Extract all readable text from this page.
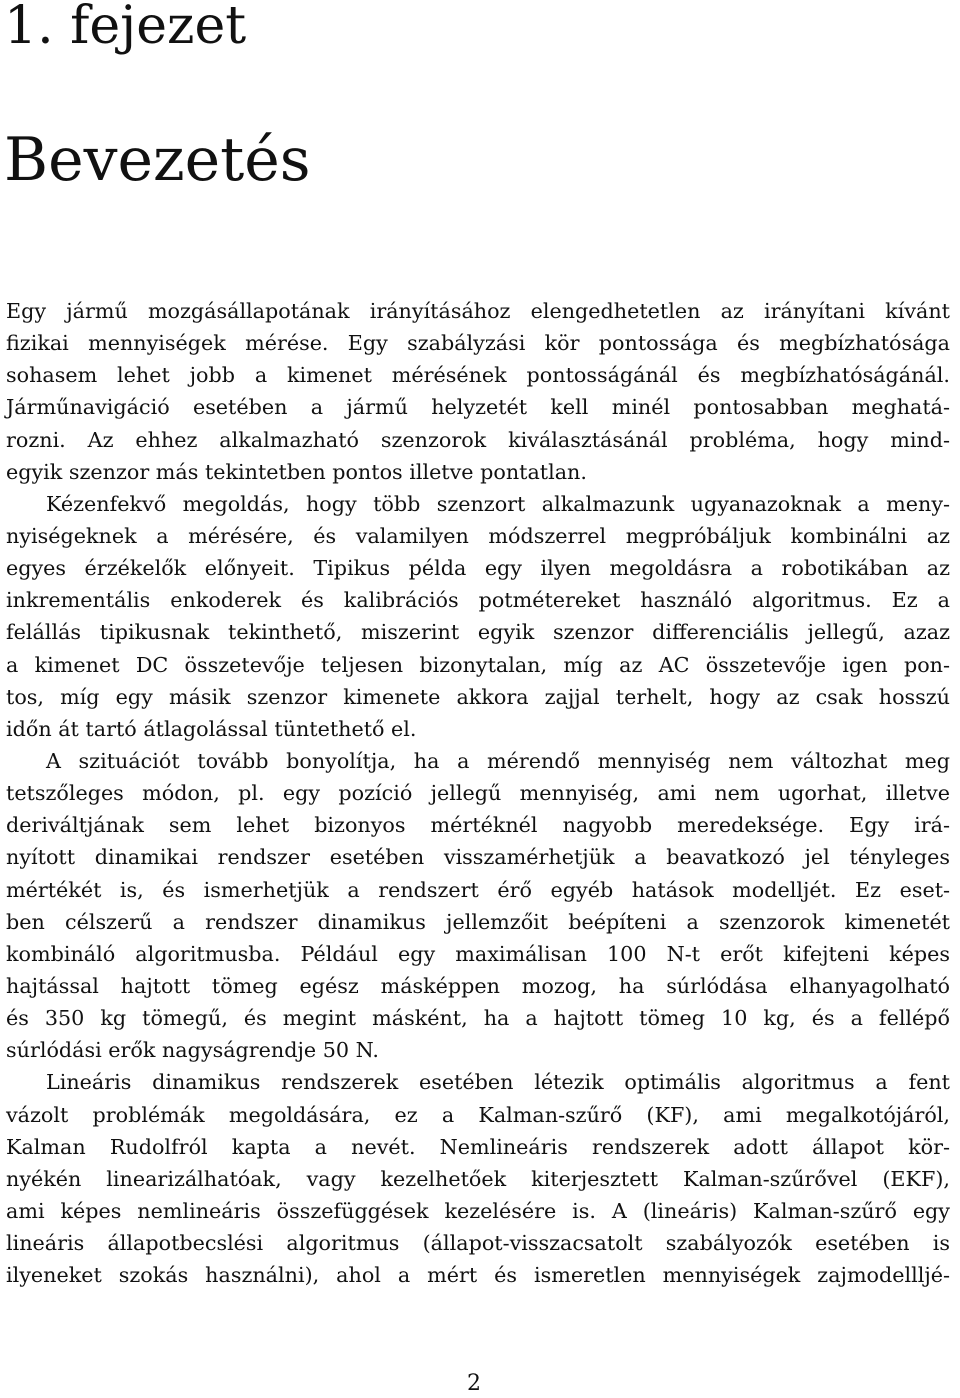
1. fejezet
Bevezetés
Egy jármű mozgásállapotának irányításához elengedhetetlen az irányítani kívánt
fizikai mennyiségek mérése. Egy szabályzási kör pontossága és megbízhatósága
sohasem lehet jobb a kimenet mérésének pontosságánál és megbízhatóságánál.
Járműnavigáció esetében a jármű helyzetét kell minél pontosabban meghatá-
rozni. Az ehhez alkalmazható szenzorok kiválasztásánál probléma, hogy mind-
egyik szenzor más tekintetben pontos illetve pontatlan.
Kézenfekvő megoldás, hogy több szenzort alkalmazunk ugyanazoknak a meny-
nyiségeknek a mérésére, és valamilyen módszerrel megpróbáljuk kombinálni az
egyes érzékelők előnyeit. Tipikus példa egy ilyen megoldásra a robotikában az
inkrementális enkoderek és kalibrációs potmétereket használó algoritmus. Ez a
felállás tipikusnak tekinthető, miszerint egyik szenzor differenciális jellegű, azaz
a kimenet DC összetevője teljesen bizonytalan, míg az AC összetevője igen pon-
tos, míg egy másik szenzor kimenete akkora zajjal terhelt, hogy az csak hosszú
időn át tartó átlagolással tüntethető el.
A szituációt tovább bonyolítja, ha a mérendő mennyiség nem változhat meg
tetszőleges módon, pl. egy pozíció jellegű mennyiség, ami nem ugorhat, illetve
deriváltjának sem lehet bizonyos mértéknél nagyobb meredeksége. Egy irá-
nyított dinamikai rendszer esetében visszamérhetjük a beavatkozó jel tényleges
mértékét is, és ismerhetjük a rendszert érő egyéb hatások modelljét. Ez eset-
ben célszerű a rendszer dinamikus jellemzőit beépíteni a szenzorok kimenetét
kombináló algoritmusba. Például egy maximálisan 100 N-t erőt kifejteni képes
hajtással hajtott tömeg egész másképpen mozog, ha súrlódása elhanyagolható
és 350 kg tömegű, és megint másként, ha a hajtott tömeg 10 kg, és a fellépő
súrlódási erők nagyságrendje 50 N.
Lineáris dinamikus rendszerek esetében létezik optimális algoritmus a fent
vázolt problémák megoldására, ez a Kalman-szűrő (KF), ami megalkotójáról,
Kalman Rudolfról kapta a nevét. Nemlineáris rendszerek adott állapot kör-
nyékén linearizálhatóak, vagy kezelhetőek kiterjesztett Kalman-szűrővel (EKF),
ami képes nemlineáris összefüggések kezelésére is. A (lineáris) Kalman-szűrő egy
lineáris állapotbecslési algoritmus (állapot-visszacsatolt szabályozók esetében is
ilyeneket szokás használni), ahol a mért és ismeretlen mennyiségek zajmodellljé-
2
